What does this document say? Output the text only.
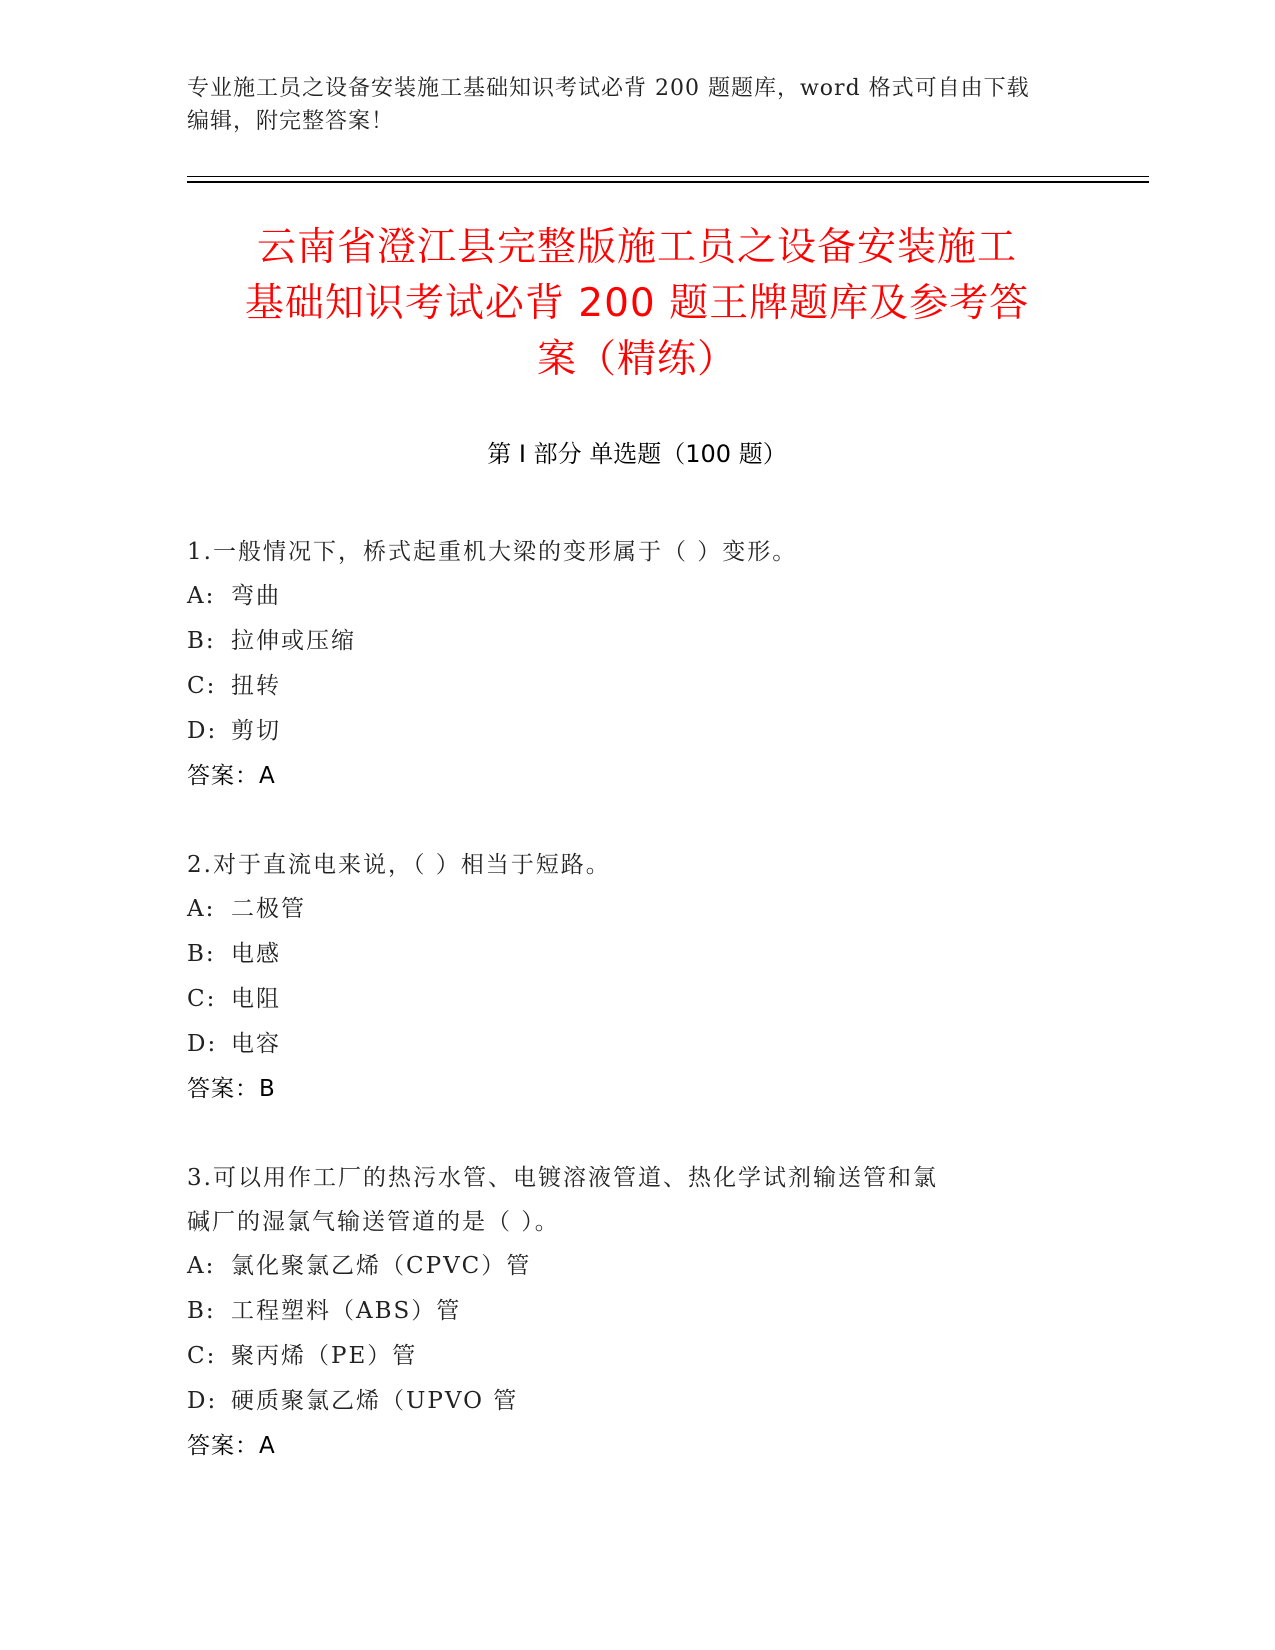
专业施工员之设备安装施工基础知识考试必背 200 题题库，word 格式可自由下载
编辑，附完整答案！
云南省澄江县完整版施工员之设备安装施工
基础知识考试必背 200 题王牌题库及参考答
案（精练）
第 I 部分 单选题（100 题）

1.一般情况下，桥式起重机大梁的变形属于（ ）变形。

A: 弯曲

B: 拉伸或压缩

C: 扭转

D: 剪切

答案：A

2.对于直流电来说，（ ）相当于短路。

A: 二极管

B: 电感

C: 电阻

D: 电容

答案：B

3.可以用作工厂的热污水管、电镀溶液管道、热化学试剂输送管和氯

碱厂的湿氯气输送管道的是（ ）。

A: 氯化聚氯乙烯（CPVC）管

B: 工程塑料（ABS）管

C: 聚丙烯（PE）管

D: 硬质聚氯乙烯（UPVO 管

答案：A
